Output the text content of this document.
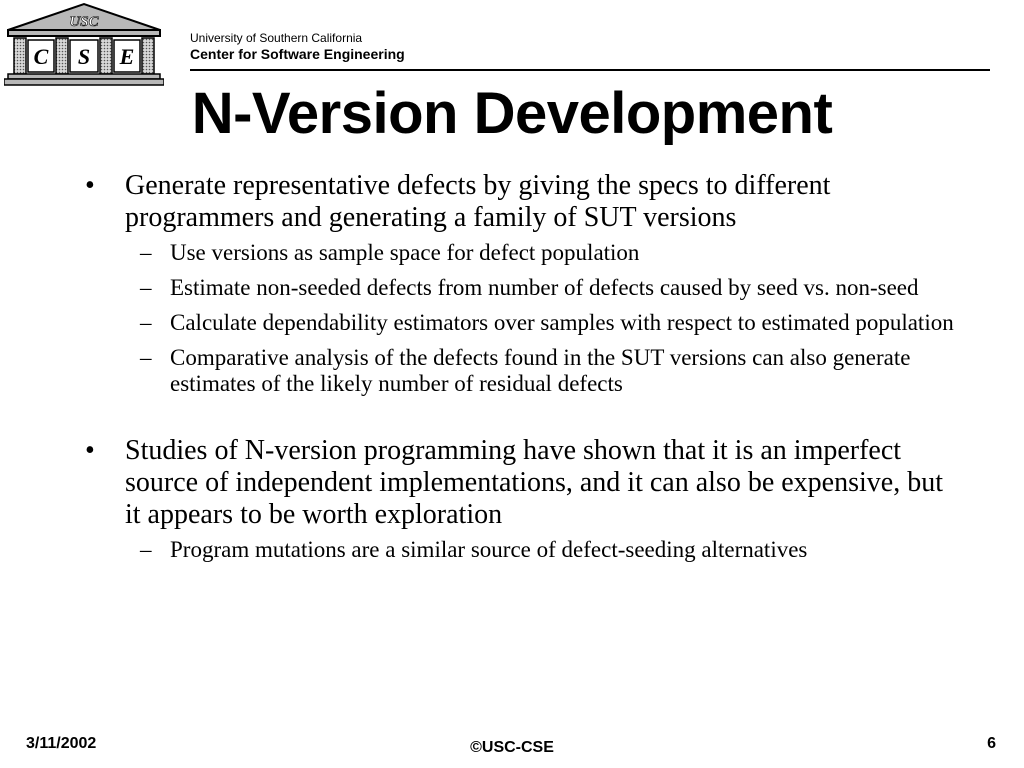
USC
C S E
University of Southern California
Center for Software Engineering
N-Version Development

• Generate representative defects by giving the specs to different programmers and generating a family of SUT versions

– Use versions as sample space for defect population
– Estimate non-seeded defects from number of defects caused by seed vs. non-seed
– Calculate dependability estimators over samples with respect to estimated population
– Comparative analysis of the defects found in the SUT versions can also generate estimates of the likely number of residual defects

• Studies of N-version programming have shown that it is an imperfect source of independent implementations, and it can also be expensive, but it appears to be worth exploration

– Program mutations are a similar source of defect-seeding alternatives
3/11/2002	©USC-CSE	6
